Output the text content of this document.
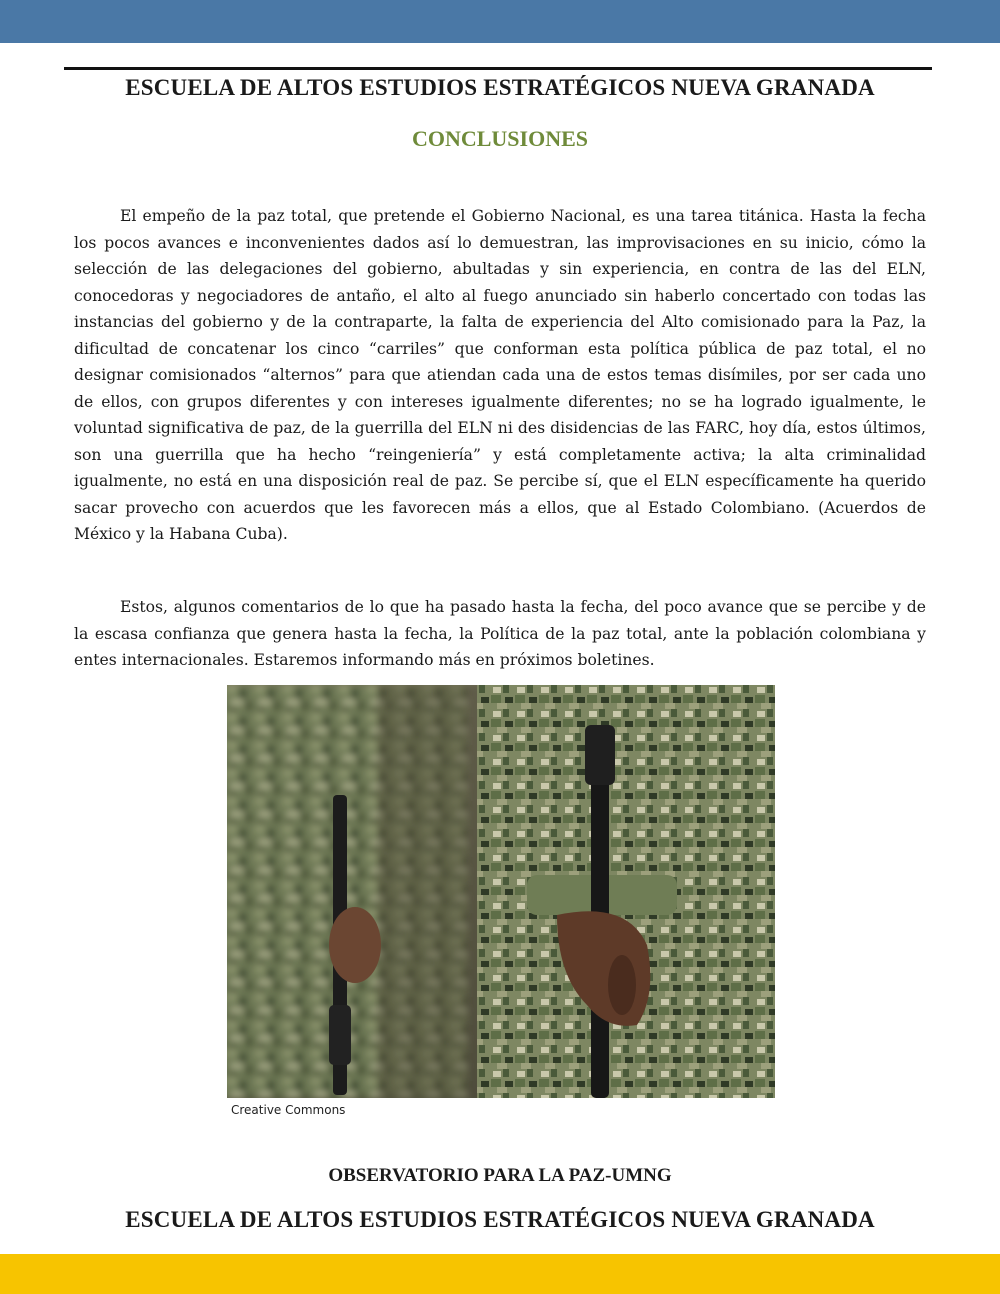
ESCUELA DE ALTOS ESTUDIOS ESTRATÉGICOS NUEVA GRANADA
CONCLUSIONES

El empeño de la paz total, que pretende el Gobierno Nacional, es una tarea titánica. Hasta la fecha los pocos avances e inconvenientes dados así lo demuestran, las improvisaciones en su inicio, cómo la selección de las delegaciones del gobierno, abultadas y sin experiencia, en contra de las del ELN, conocedoras y negociadores de antaño, el alto al fuego anunciado sin haberlo concertado con todas las instancias del gobierno y de la contraparte, la falta de experiencia del Alto comisionado para la Paz, la dificultad de concatenar los cinco “carriles” que conforman esta política pública de paz total, el no designar comisionados “alternos” para que atiendan cada una de estos temas disímiles, por ser cada uno de ellos, con grupos diferentes y con intereses igualmente diferentes; no se ha logrado igualmente, le voluntad significativa de paz, de la guerrilla del ELN ni des disidencias de las FARC, hoy día, estos últimos, son una guerrilla que ha hecho “reingeniería” y está completamente activa; la alta criminalidad igualmente, no está en una disposición real de paz. Se percibe sí, que el ELN específicamente ha querido sacar provecho con acuerdos que les favorecen más a ellos, que al Estado Colombiano. (Acuerdos de México y la Habana Cuba).

Estos, algunos comentarios de lo que ha pasado hasta la fecha, del poco avance que se percibe y de la escasa confianza que genera hasta la fecha, la Política de la paz total, ante la población colombiana y entes internacionales. Estaremos informando más en próximos boletines.

Creative Commons
OBSERVATORIO PARA LA PAZ-UMNG
ESCUELA DE ALTOS ESTUDIOS ESTRATÉGICOS NUEVA GRANADA
